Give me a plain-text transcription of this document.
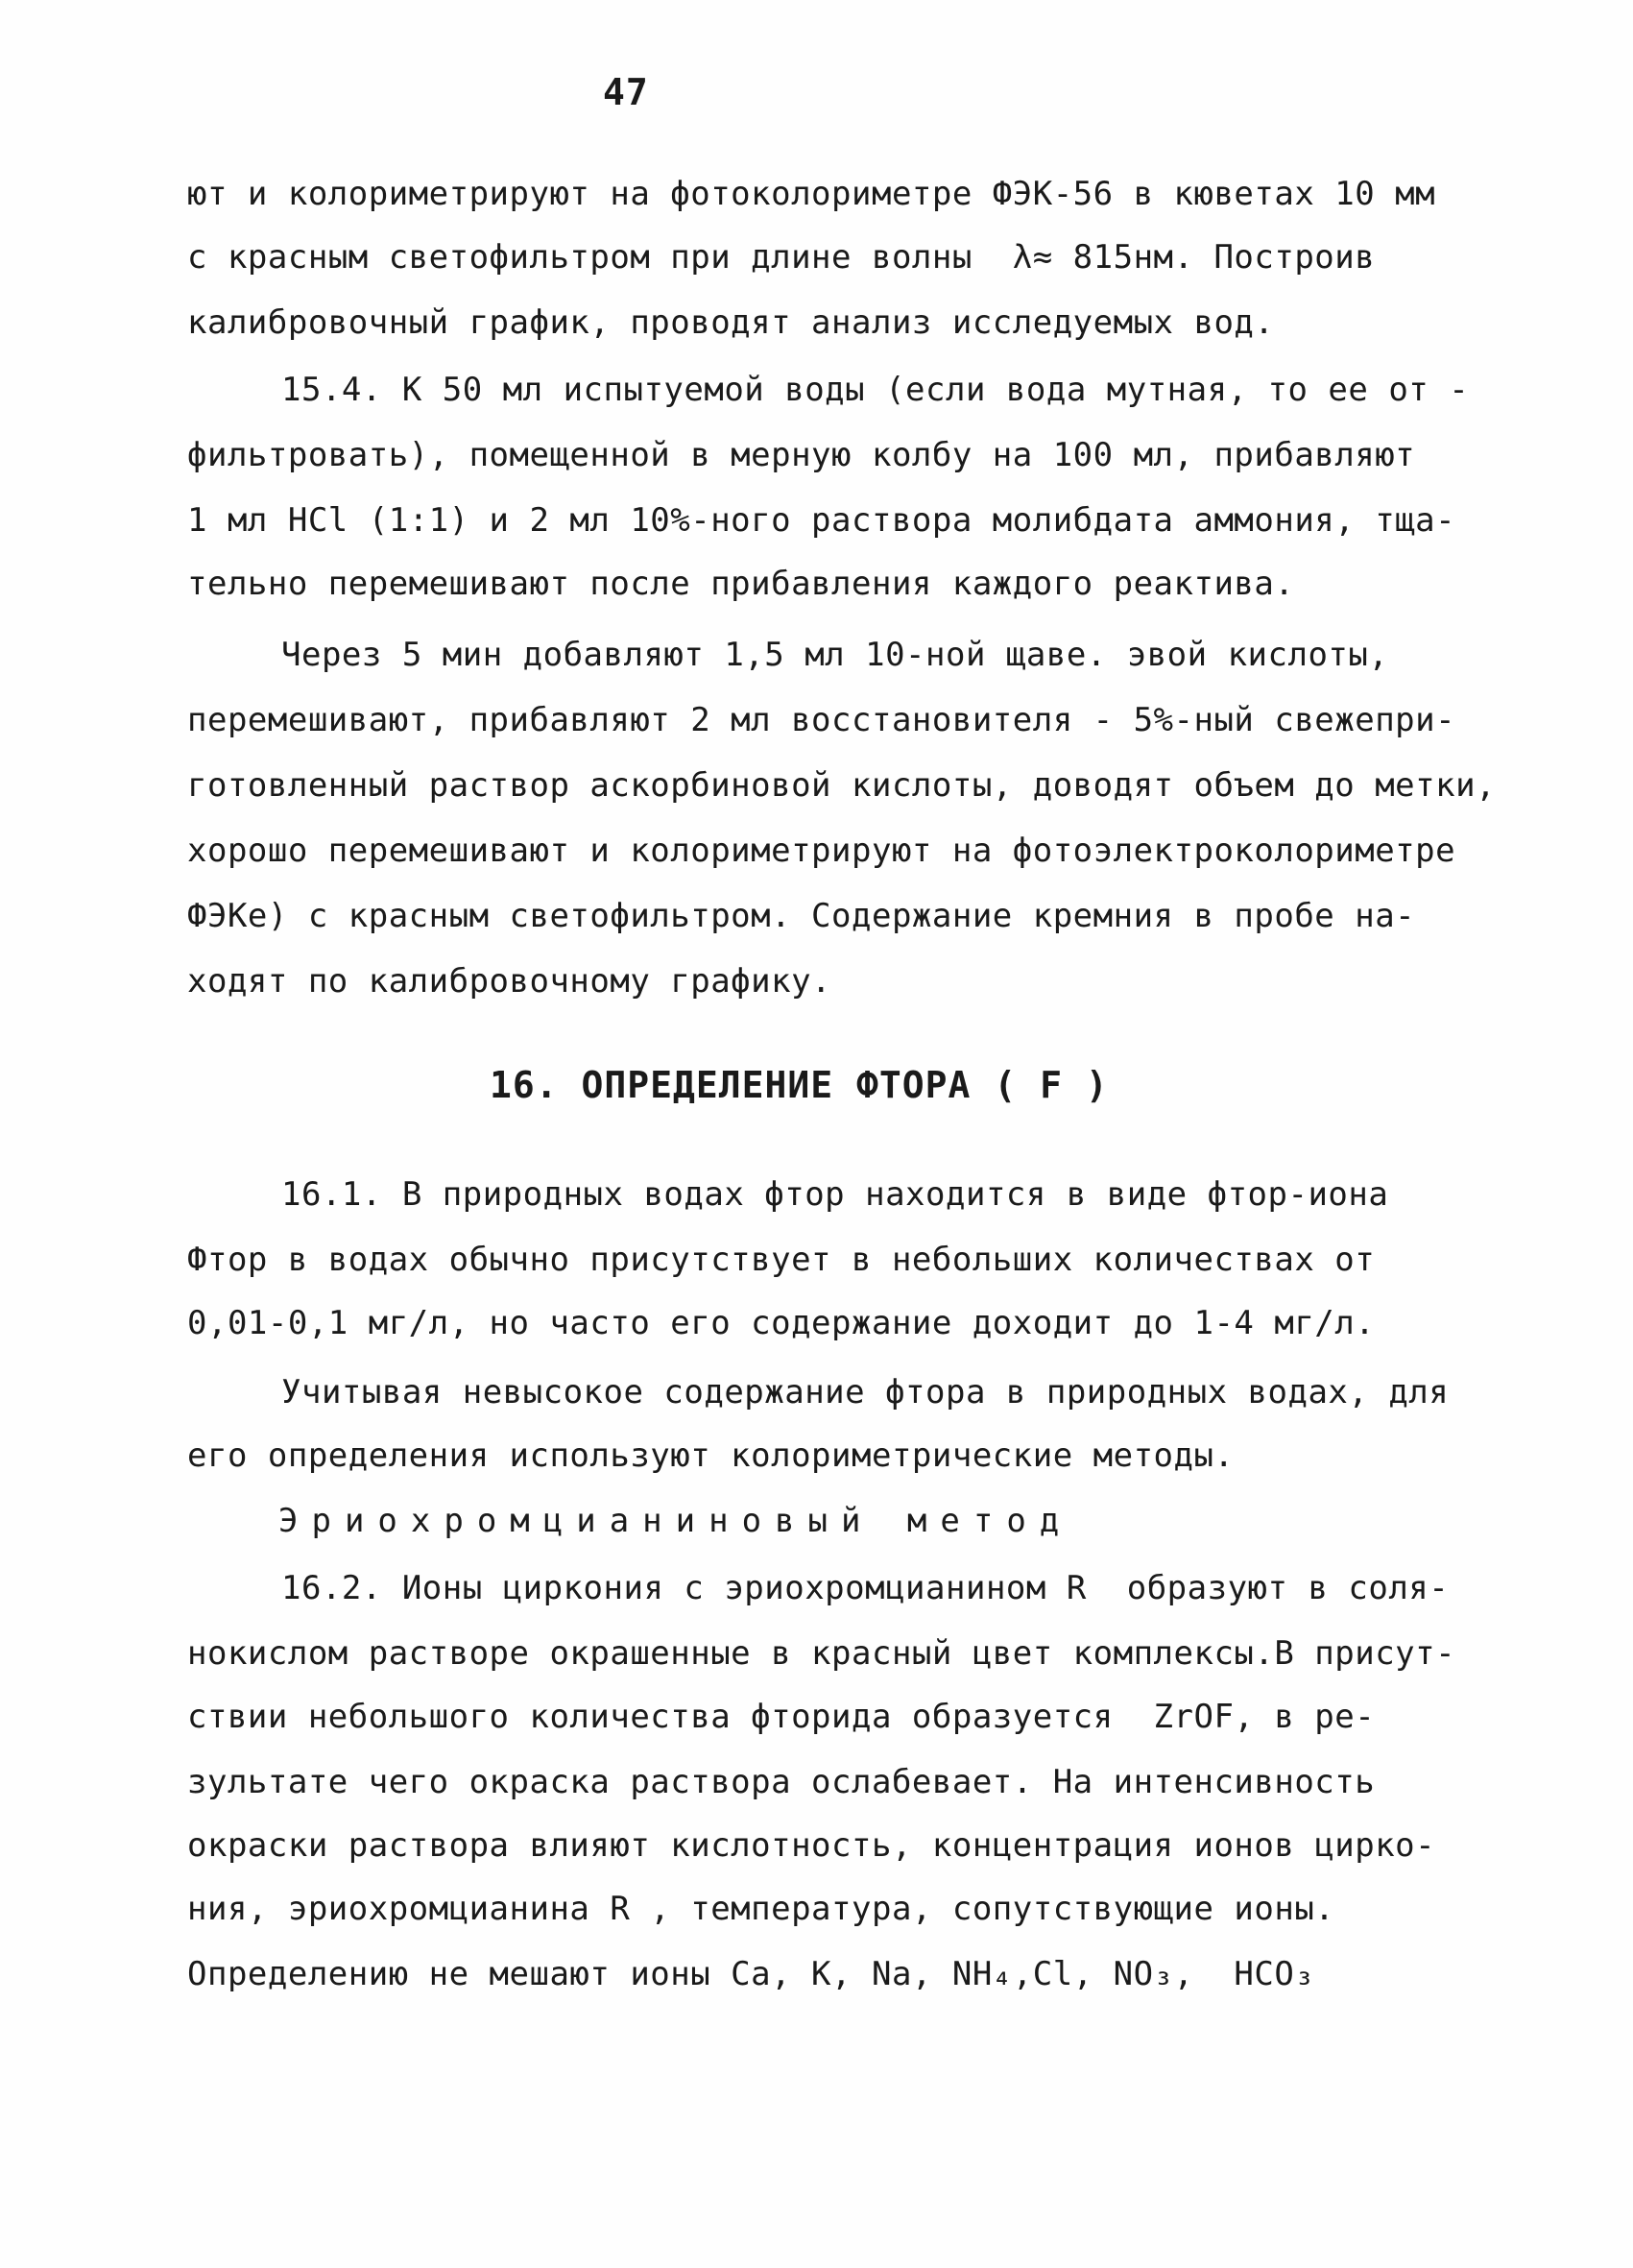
47
ют и колориметрируют на фотоколориметре ФЭК-56 в кюветах 10 мм
с красным светофильтром при длине волны  λ≈ 815нм. Построив
калибровочный график, проводят анализ исследуемых вод.
15.4. К 50 мл испытуемой воды (если вода мутная, то ее от -
фильтровать), помещенной в мерную колбу на 100 мл, прибавляют
1 мл HCl (1:1) и 2 мл 10%-ного раствора молибдата аммония, тща-
тельно перемешивают после прибавления каждого реактива.
Через 5 мин добавляют 1,5 мл 10-ной щаве. эвой кислоты,
перемешивают, прибавляют 2 мл восстановителя - 5%-ный свежепри-
готовленный раствор аскорбиновой кислоты, доводят объем до метки,
хорошо перемешивают и колориметрируют на фотоэлектроколориметре
ФЭКе) с красным светофильтром. Содержание кремния в пробе на-
ходят по калибровочному графику.
16. ОПРЕДЕЛЕНИЕ ФТОРА ( F )
16.1. В природных водах фтор находится в виде фтор-иона
Фтор в водах обычно присутствует в небольших количествах от
0,01-0,1 мг/л, но часто его содержание доходит до 1-4 мг/л.
Учитывая невысокое содержание фтора в природных водах, для
его определения используют колориметрические методы.
Эриохромцианиновый метод
16.2. Ионы циркония с эриохромцианином R  образуют в соля-
нокислом растворе окрашенные в красный цвет комплексы.В присут-
ствии небольшого количества фторида образуется  ZrOF, в ре-
зультате чего окраска раствора ослабевает. На интенсивность
окраски раствора влияют кислотность, концентрация ионов цирко-
ния, эриохромцианина R , температура, сопутствующие ионы.
Определению не мешают ионы Ca, K, Na, NH₄,Cl, NO₃,  HCO₃
